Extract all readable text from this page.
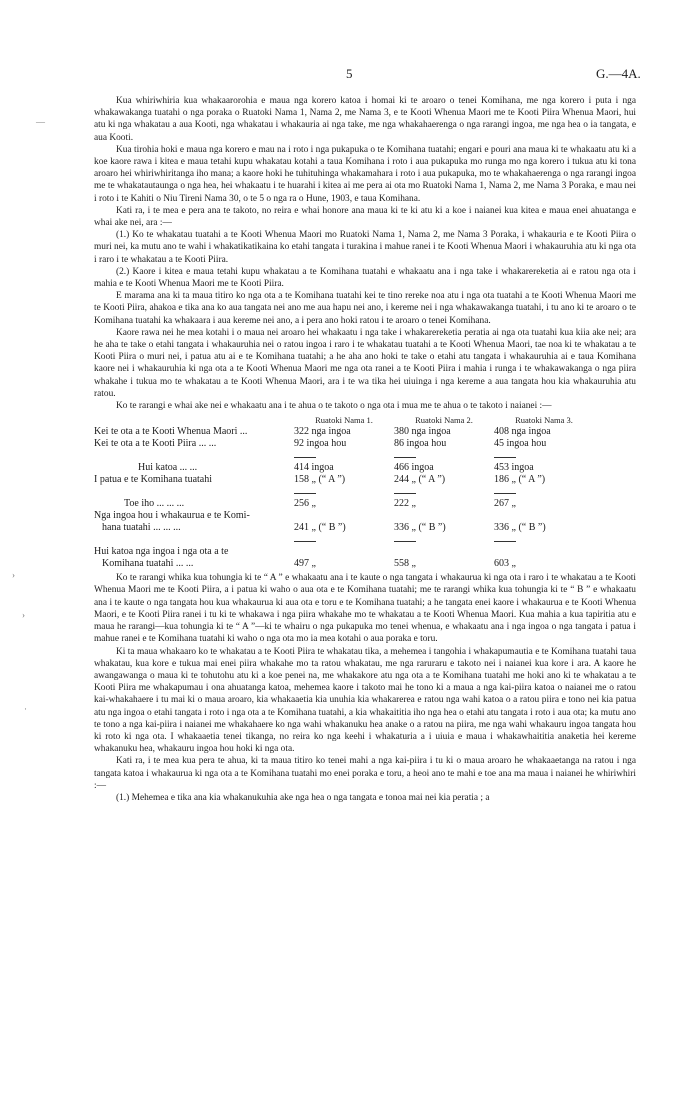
5	G.—4A.

Kua whiriwhiria kua whakaarorohia e maua nga korero katoa i homai ki te aroaro o tenei Komihana, me nga korero i puta i nga whakawakanga tuatahi o nga poraka o Ruatoki Nama 1, Nama 2, me Nama 3, e te Kooti Whenua Maori me te Kooti Piira Whenua Maori, hui atu ki nga whakatau a aua Kooti, nga whakatau i whakauria ai nga take, me nga whakahaerenga o nga rarangi ingoa, me nga hea o ia tangata, e aua Kooti.

Kua tirohia hoki e maua nga korero e mau na i roto i nga pukapuka o te Komihana tuatahi; engari e pouri ana maua ki te whakaatu atu ki a koe kaore rawa i kitea e maua tetahi kupu whakatau kotahi a taua Komihana i roto i aua pukapuka mo runga mo nga korero i tukua atu ki tona aroaro hei whiriwhiritanga iho mana; a kaore hoki he tuhituhinga whakamahara i roto i aua pukapuka, mo te whakahaerenga o nga rarangi ingoa me te whakatautaunga o nga hea, hei whakaatu i te huarahi i kitea ai me pera ai ota mo Ruatoki Nama 1, Nama 2, me Nama 3 Poraka, e mau nei i roto i te Kahiti o Niu Tireni Nama 30, o te 5 o nga ra o Hune, 1903, e taua Komihana.

Kati ra, i te mea e pera ana te takoto, no reira e whai honore ana maua ki te ki atu ki a koe i naianei kua kitea e maua enei ahuatanga e whai ake nei, ara :—

(1.) Ko te whakatau tuatahi a te Kooti Whenua Maori mo Ruatoki Nama 1, Nama 2, me Nama 3 Poraka, i whakauria e te Kooti Piira o muri nei, ka mutu ano te wahi i whakatikatikaina ko etahi tangata i turakina i mahue ranei i te Kooti Whenua Maori i whakauruhia atu ki nga ota i raro i te whakatau a te Kooti Piira.

(2.) Kaore i kitea e maua tetahi kupu whakatau a te Komihana tuatahi e whakaatu ana i nga take i whakarereketia ai e ratou nga ota i mahia e te Kooti Whenua Maori me te Kooti Piira.

E marama ana ki ta maua titiro ko nga ota a te Komihana tuatahi kei te tino rereke noa atu i nga ota tuatahi a te Kooti Whenua Maori me te Kooti Piira, ahakoa e tika ana ko aua tangata nei ano me aua hapu nei ano, i kereme nei i nga whakawakanga tuatahi, i tu ano ki te aroaro o te Komihana tuatahi ka whakaara i aua kereme nei ano, a i pera ano hoki ratou i te aroaro o tenei Komihana.

Kaore rawa nei he mea kotahi i o maua nei aroaro hei whakaatu i nga take i whakarereketia peratia ai nga ota tuatahi kua kiia ake nei; ara he aha te take o etahi tangata i whakauruhia nei o ratou ingoa i raro i te whakatau tuatahi a te Kooti Whenua Maori, tae noa ki te whakatau a te Kooti Piira o muri nei, i patua atu ai e te Komihana tuatahi; a he aha ano hoki te take o etahi atu tangata i whakauruhia ai e taua Komihana kaore nei i whakauruhia ki nga ota a te Kooti Whenua Maori me nga ota ranei a te Kooti Piira i mahia i runga i te whakawakanga o nga piira whakahe i tukua mo te whakatau a te Kooti Whenua Maori, ara i te wa tika hei uiuinga i nga kereme a aua tangata hou kia whakauruhia atu ratou.

Ko te rarangi e whai ake nei e whakaatu ana i te ahua o te takoto o nga ota i mua me te ahua o te takoto i naianei :—

	Ruatoki Nama 1.	Ruatoki Nama 2.	Ruatoki Nama 3.
Kei te ota a te Kooti Whenua Maori ...	322 nga ingoa	380 nga ingoa	408 nga ingoa
Kei te ota a te Kooti Piira ... ...	92 ingoa hou	86 ingoa hou	45 ingoa hou

Hui katoa ... ...	414 ingoa	466 ingoa	453 ingoa
I patua e te Komihana tuatahi	158 „ (“ A ”)	244 „ (“ A ”)	186 „ (“ A ”)

Toe iho ... ... ...	256 „	222 „	267 „
Nga ingoa hou i whakaurua e te Komi-			
hana tuatahi ... ... ...	241 „ (“ B ”)	336 „ (“ B ”)	336 „ (“ B ”)

Hui katoa nga ingoa i nga ota a te			
Komihana tuatahi ... ...	497 „	558 „	603 „

Ko te rarangi whika kua tohungia ki te “ A ” e whakaatu ana i te kaute o nga tangata i whakaurua ki nga ota i raro i te whakatau a te Kooti Whenua Maori me te Kooti Piira, a i patua ki waho o aua ota e te Komihana tuatahi; me te rarangi whika kua tohungia ki te “ B ” e whakaatu ana i te kaute o nga tangata hou kua whakaurua ki aua ota e toru e te Komihana tuatahi; a he tangata enei kaore i whakaurua e te Kooti Whenua Maori, e te Kooti Piira ranei i tu ki te whakawa i nga piira whakahe mo te whakatau a te Kooti Whenua Maori. Kua mahia a kua tapiritia atu e maua he rarangi—kua tohungia ki te “ A ”—ki te whairu o nga pukapuka mo tenei whenua, e whakaatu ana i nga ingoa o nga tangata i patua i mahue ranei e te Komihana tuatahi ki waho o nga ota mo ia mea kotahi o aua poraka e toru.

Ki ta maua whakaaro ko te whakatau a te Kooti Piira te whakatau tika, a mehemea i tangohia i whakapumautia e te Komihana tuatahi taua whakatau, kua kore e tukua mai enei piira whakahe mo ta ratou whakatau, me nga raruraru e takoto nei i naianei kua kore i ara. A kaore he awangawanga o maua ki te tohutohu atu ki a koe penei na, me whakakore atu nga ota a te Komihana tuatahi me hoki ano ki te whakatau a te Kooti Piira me whakapumau i ona ahuatanga katoa, mehemea kaore i takoto mai he tono ki a maua a nga kai-piira katoa o naianei me o ratou kai-whakahaere i tu mai ki o maua aroaro, kia whakaaetia kia unuhia kia whakarerea e ratou nga wahi katoa o a ratou piira e tono nei kia patua atu nga ingoa o etahi tangata i roto i nga ota a te Komihana tuatahi, a kia whakaititia iho nga hea o etahi atu tangata i roto i aua ota; ka mutu ano te tono a nga kai-piira i naianei me whakahaere ko nga wahi whakanuku hea anake o a ratou na piira, me nga wahi whakauru ingoa tangata hou ki roto ki nga ota. I whakaaetia tenei tikanga, no reira ko nga keehi i whakaturia a i uiuia e maua i whakawhaititia anaketia hei kereme whakanuku hea, whakauru ingoa hou hoki ki nga ota.

Kati ra, i te mea kua pera te ahua, ki ta maua titiro ko tenei mahi a nga kai-piira i tu ki o maua aroaro he whakaaetanga na ratou i nga tangata katoa i whakaurua ki nga ota a te Komihana tuatahi mo enei poraka e toru, a heoi ano te mahi e toe ana ma maua i naianei he whiriwhiri :—

(1.) Mehemea e tika ana kia whakanukuhia ake nga hea o nga tangata e tonoa mai nei kia peratia ; a

—
›
›
·
